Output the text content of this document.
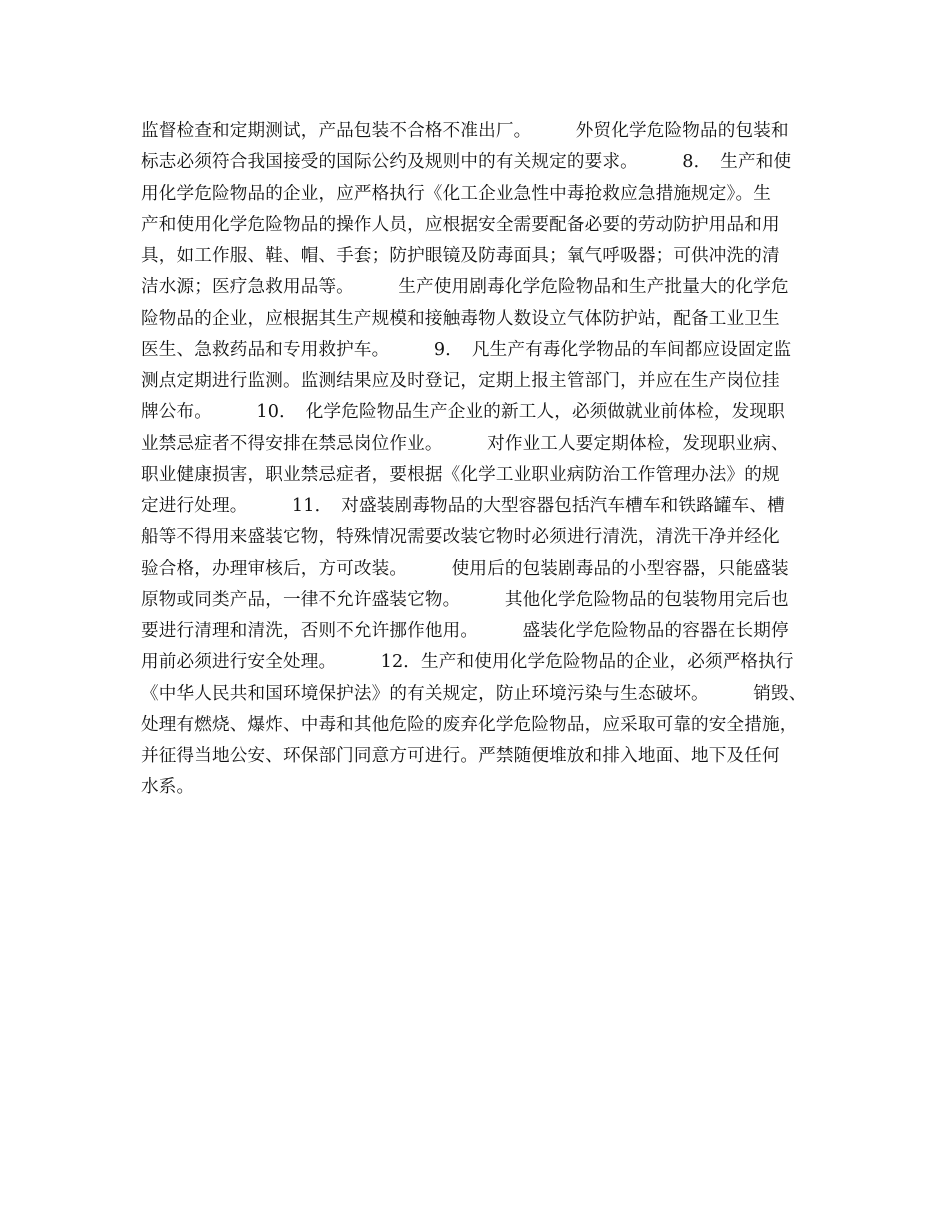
监督检查和定期测试，产品包装不合格不准出厂。　　　外贸化学危险物品的包装和
标志必须符合我国接受的国际公约及规则中的有关规定的要求。　　　8．　生产和使
用化学危险物品的企业，应严格执行《化工企业急性中毒抢救应急措施规定》。生
产和使用化学危险物品的操作人员，应根据安全需要配备必要的劳动防护用品和用
具，如工作服、鞋、帽、手套；防护眼镜及防毒面具；氧气呼吸器；可供冲洗的清
洁水源；医疗急救用品等。　　　生产使用剧毒化学危险物品和生产批量大的化学危
险物品的企业，应根据其生产规模和接触毒物人数设立气体防护站，配备工业卫生
医生、急救药品和专用救护车。　　　9．　凡生产有毒化学物品的车间都应设固定监
测点定期进行监测。监测结果应及时登记，定期上报主管部门，并应在生产岗位挂
牌公布。　　　10．　化学危险物品生产企业的新工人，必须做就业前体检，发现职
业禁忌症者不得安排在禁忌岗位作业。　　　对作业工人要定期体检，发现职业病、
职业健康损害，职业禁忌症者，要根据《化学工业职业病防治工作管理办法》的规
定进行处理。　　　11．　对盛装剧毒物品的大型容器包括汽车槽车和铁路罐车、槽
船等不得用来盛装它物，特殊情况需要改装它物时必须进行清洗，清洗干净并经化
验合格，办理审核后，方可改装。　　　使用后的包装剧毒品的小型容器，只能盛装
原物或同类产品，一律不允许盛装它物。　　　其他化学危险物品的包装物用完后也
要进行清理和清洗，否则不允许挪作他用。　　　盛装化学危险物品的容器在长期停
用前必须进行安全处理。　　　12．生产和使用化学危险物品的企业，必须严格执行
《中华人民共和国环境保护法》的有关规定，防止环境污染与生态破坏。　　　销毁、
处理有燃烧、爆炸、中毒和其他危险的废弃化学危险物品，应采取可靠的安全措施，
并征得当地公安、环保部门同意方可进行。严禁随便堆放和排入地面、地下及任何
水系。
